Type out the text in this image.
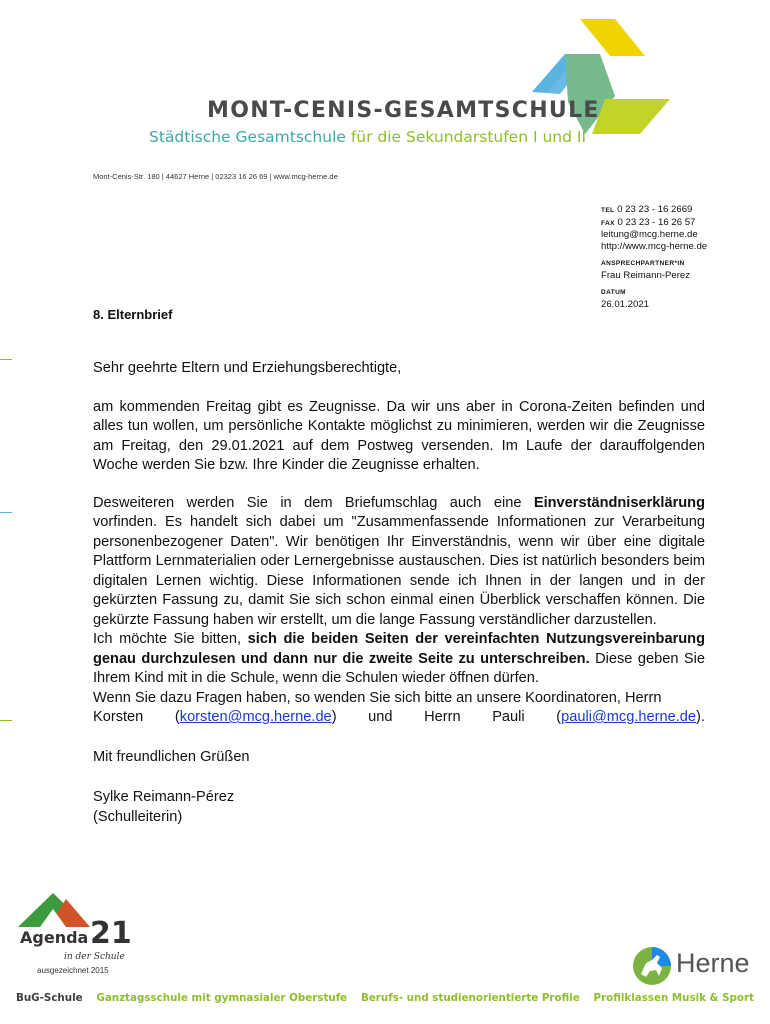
MONT-CENIS-GESAMTSCHULE
Städtische Gesamtschule für die Sekundarstufen I und II
Mont-Cenis-Str. 180 | 44627 Herne | 02323 16 26 69 | www.mcg-herne.de
TEL 0 23 23 - 16 2669
FAX 0 23 23 - 16 26 57
leitung@mcg.herne.de
http://www.mcg-herne.de
ANSPRECHPARTNER*IN
Frau Reimann-Perez
DATUM
26.01.2021
8. Elternbrief

Sehr geehrte Eltern und Erziehungsberechtigte,

am kommenden Freitag gibt es Zeugnisse. Da wir uns aber in Corona-Zeiten befinden und alles tun wollen, um persönliche Kontakte möglichst zu minimieren, werden wir die Zeugnisse am Freitag, den 29.01.2021 auf dem Postweg versenden. Im Laufe der darauffolgenden Woche werden Sie bzw. Ihre Kinder die Zeugnisse erhalten.

Desweiteren werden Sie in dem Briefumschlag auch eine Einverständniserklärung vorfinden. Es handelt sich dabei um "Zusammenfassende Informationen zur Verarbeitung personenbezogener Daten". Wir benötigen Ihr Einverständnis, wenn wir über eine digitale Plattform Lernmaterialien oder Lernergebnisse austauschen. Dies ist natürlich besonders beim digitalen Lernen wichtig. Diese Informationen sende ich Ihnen in der langen und in der gekürzten Fassung zu, damit Sie sich schon einmal einen Überblick verschaffen können. Die gekürzte Fassung haben wir erstellt, um die lange Fassung verständlicher darzustellen.

Ich möchte Sie bitten, sich die beiden Seiten der vereinfachten Nutzungsvereinbarung genau durchzulesen und dann nur die zweite Seite zu unterschreiben. Diese geben Sie Ihrem Kind mit in die Schule, wenn die Schulen wieder öffnen dürfen.

Wenn Sie dazu Fragen haben, so wenden Sie sich bitte an unsere Koordinatoren, Herrn

Korsten (korsten@mcg.herne.de) und Herrn Pauli (pauli@mcg.herne.de).

Mit freundlichen Grüßen

Sylke Reimann-Pérez

(Schulleiterin)

Agenda 21
in der Schule
ausgezeichnet 2015	Herne
BuG-Schule Ganztagsschule mit gymnasialer Oberstufe Berufs- und studienorientierte Profile Profilklassen Musik & Sport
